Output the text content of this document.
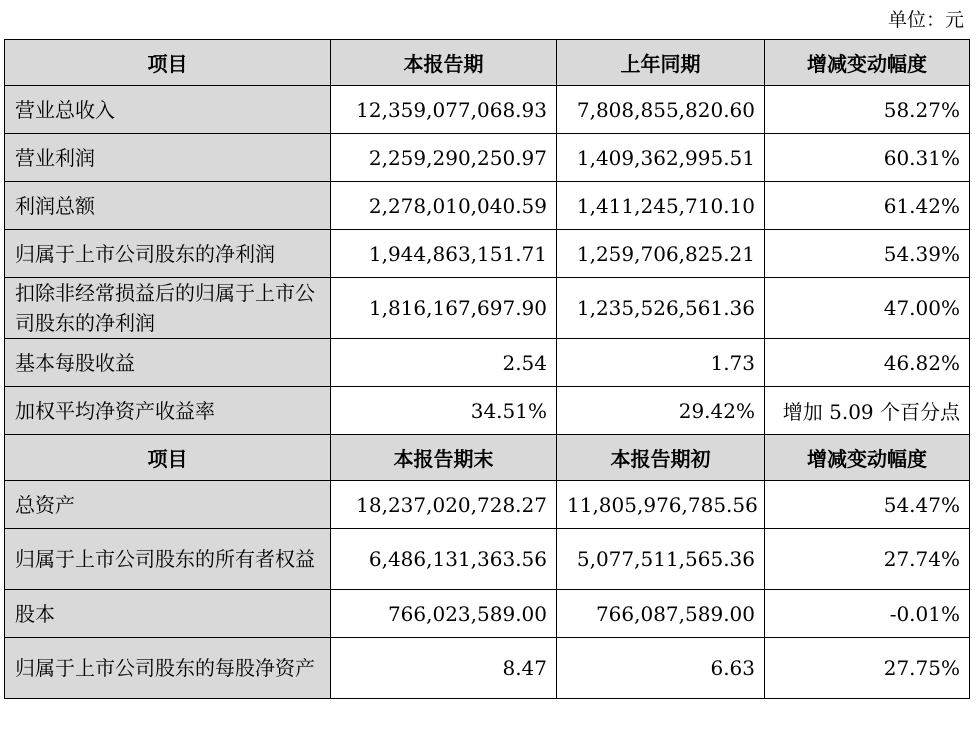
单位：元
项目	本报告期	上年同期	增减变动幅度
营业总收入	12,359,077,068.93	7,808,855,820.60	58.27%
营业利润	2,259,290,250.97	1,409,362,995.51	60.31%
利润总额	2,278,010,040.59	1,411,245,710.10	61.42%
归属于上市公司股东的净利润	1,944,863,151.71	1,259,706,825.21	54.39%
扣除非经常损益后的归属于上市公司股东的净利润	1,816,167,697.90	1,235,526,561.36	47.00%
基本每股收益	2.54	1.73	46.82%
加权平均净资产收益率	34.51%	29.42%	增加 5.09 个百分点
项目	本报告期末	本报告期初	增减变动幅度
总资产	18,237,020,728.27	11,805,976,785.56	54.47%
归属于上市公司股东的所有者权益	6,486,131,363.56	5,077,511,565.36	27.74%
股本	766,023,589.00	766,087,589.00	-0.01%
归属于上市公司股东的每股净资产	8.47	6.63	27.75%
